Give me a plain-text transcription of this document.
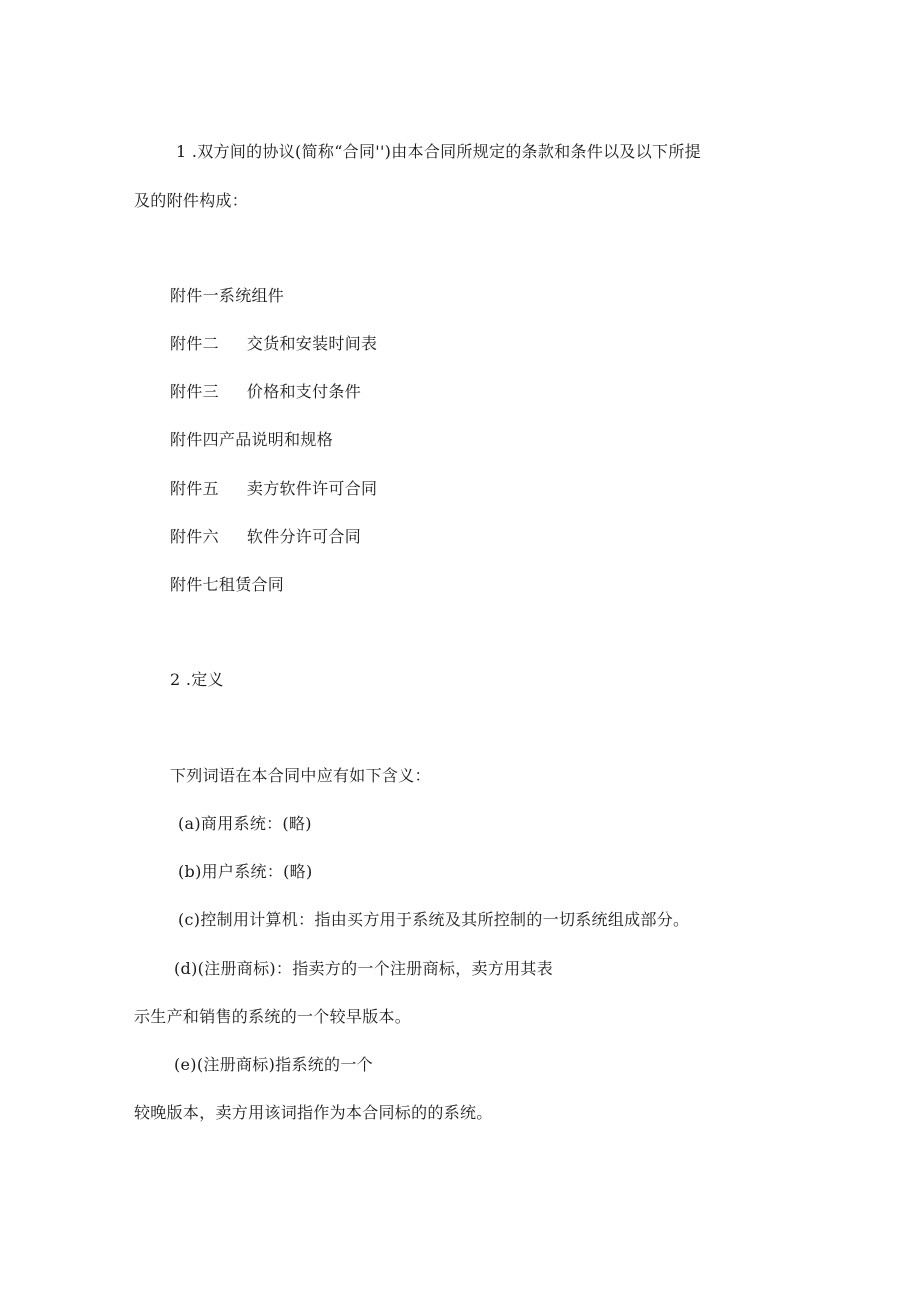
1 .双方间的协议(简称“合同'')由本合同所规定的条款和条件以及以下所提
及的附件构成：
附件一系统组件
附件二 交货和安装时间表
附件三 价格和支付条件
附件四产品说明和规格
附件五 卖方软件许可合同
附件六 软件分许可合同
附件七租赁合同
2 .定义
下列词语在本合同中应有如下含义：
(a)商用系统：(略)
(b)用户系统：(略)
(c)控制用计算机：指由买方用于系统及其所控制的一切系统组成部分。
(d)(注册商标)：指卖方的一个注册商标，卖方用其表
示生产和销售的系统的一个较早版本。
(e)(注册商标)指系统的一个
较晚版本，卖方用该词指作为本合同标的的系统。
